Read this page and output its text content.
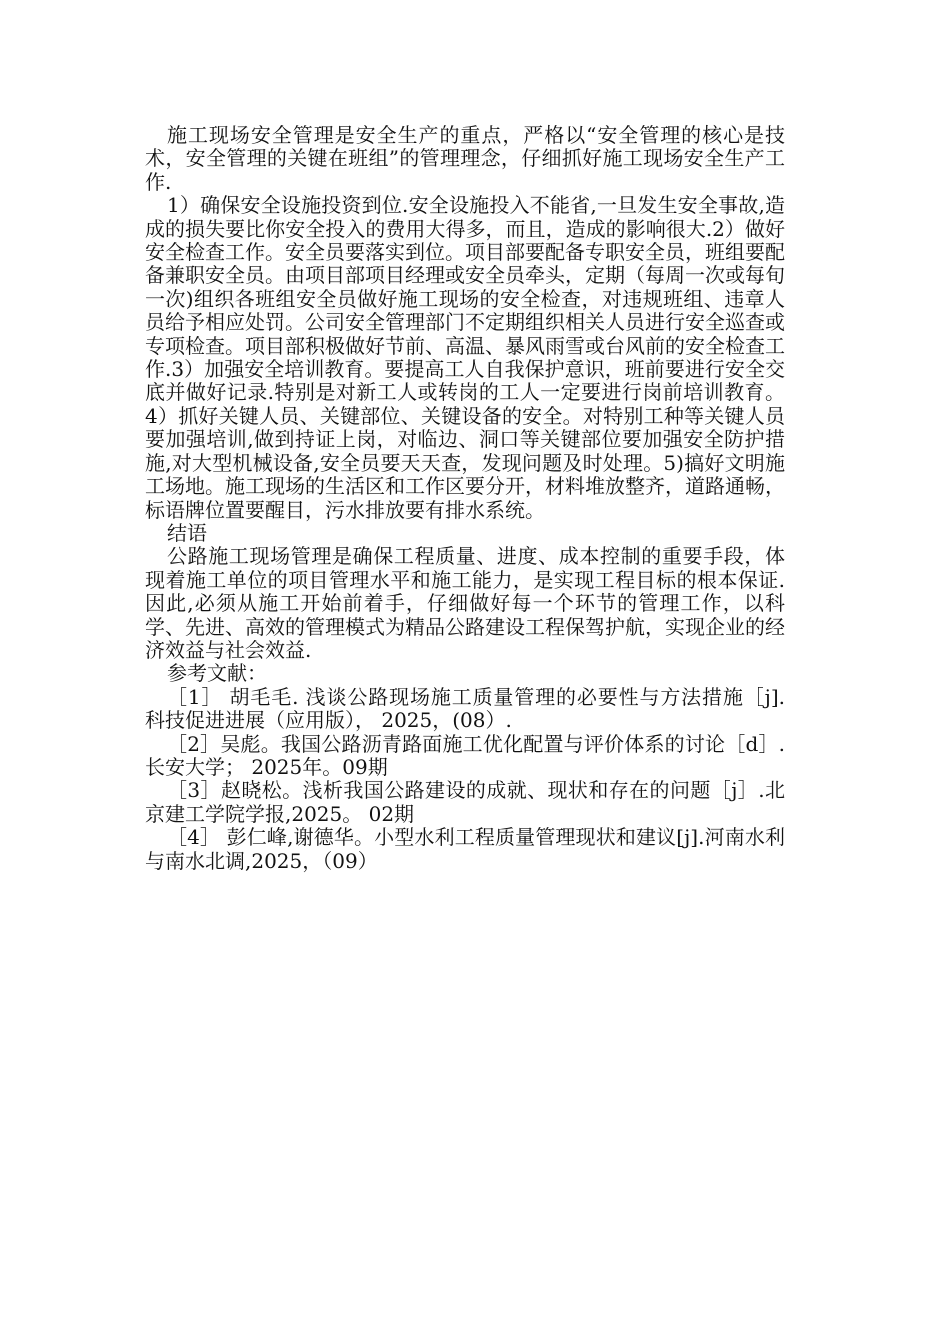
施工现场安全管理是安全生产的重点，严格以“安全管理的核心是技术，安全管理的关键在班组”的管理理念，仔细抓好施工现场安全生产工作.

1）确保安全设施投资到位.安全设施投入不能省,一旦发生安全事故,造成的损失要比你安全投入的费用大得多，而且，造成的影响很大.2）做好安全检查工作。安全员要落实到位。项目部要配备专职安全员，班组要配备兼职安全员。由项目部项目经理或安全员牵头，定期（每周一次或每旬一次)组织各班组安全员做好施工现场的安全检查，对违规班组、违章人员给予相应处罚。公司安全管理部门不定期组织相关人员进行安全巡查或专项检查。项目部积极做好节前、高温、暴风雨雪或台风前的安全检查工作.3）加强安全培训教育。要提高工人自我保护意识，班前要进行安全交底并做好记录.特别是对新工人或转岗的工人一定要进行岗前培训教育。4）抓好关键人员、关键部位、关键设备的安全。对特别工种等关键人员要加强培训,做到持证上岗，对临边、洞口等关键部位要加强安全防护措施,对大型机械设备,安全员要天天查，发现问题及时处理。5)搞好文明施工场地。施工现场的生活区和工作区要分开，材料堆放整齐，道路通畅，标语牌位置要醒目，污水排放要有排水系统。

结语

公路施工现场管理是确保工程质量、进度、成本控制的重要手段，体现着施工单位的项目管理水平和施工能力，是实现工程目标的根本保证.因此,必须从施工开始前着手，仔细做好每一个环节的管理工作，以科学、先进、高效的管理模式为精品公路建设工程保驾护航，实现企业的经济效益与社会效益.

参考文献：

［1］ 胡毛毛. 浅谈公路现场施工质量管理的必要性与方法措施［j]. 科技促进进展（应用版）， 2025，(08）.

［2］吴彪。我国公路沥青路面施工优化配置与评价体系的讨论［d］.长安大学； 2025年。09期

［3］赵晓松。浅析我国公路建设的成就、现状和存在的问题［j］.北京建工学院学报,2025。 02期

［4］ 彭仁峰,谢德华。小型水利工程质量管理现状和建议[j].河南水利与南水北调,2025，（09）
